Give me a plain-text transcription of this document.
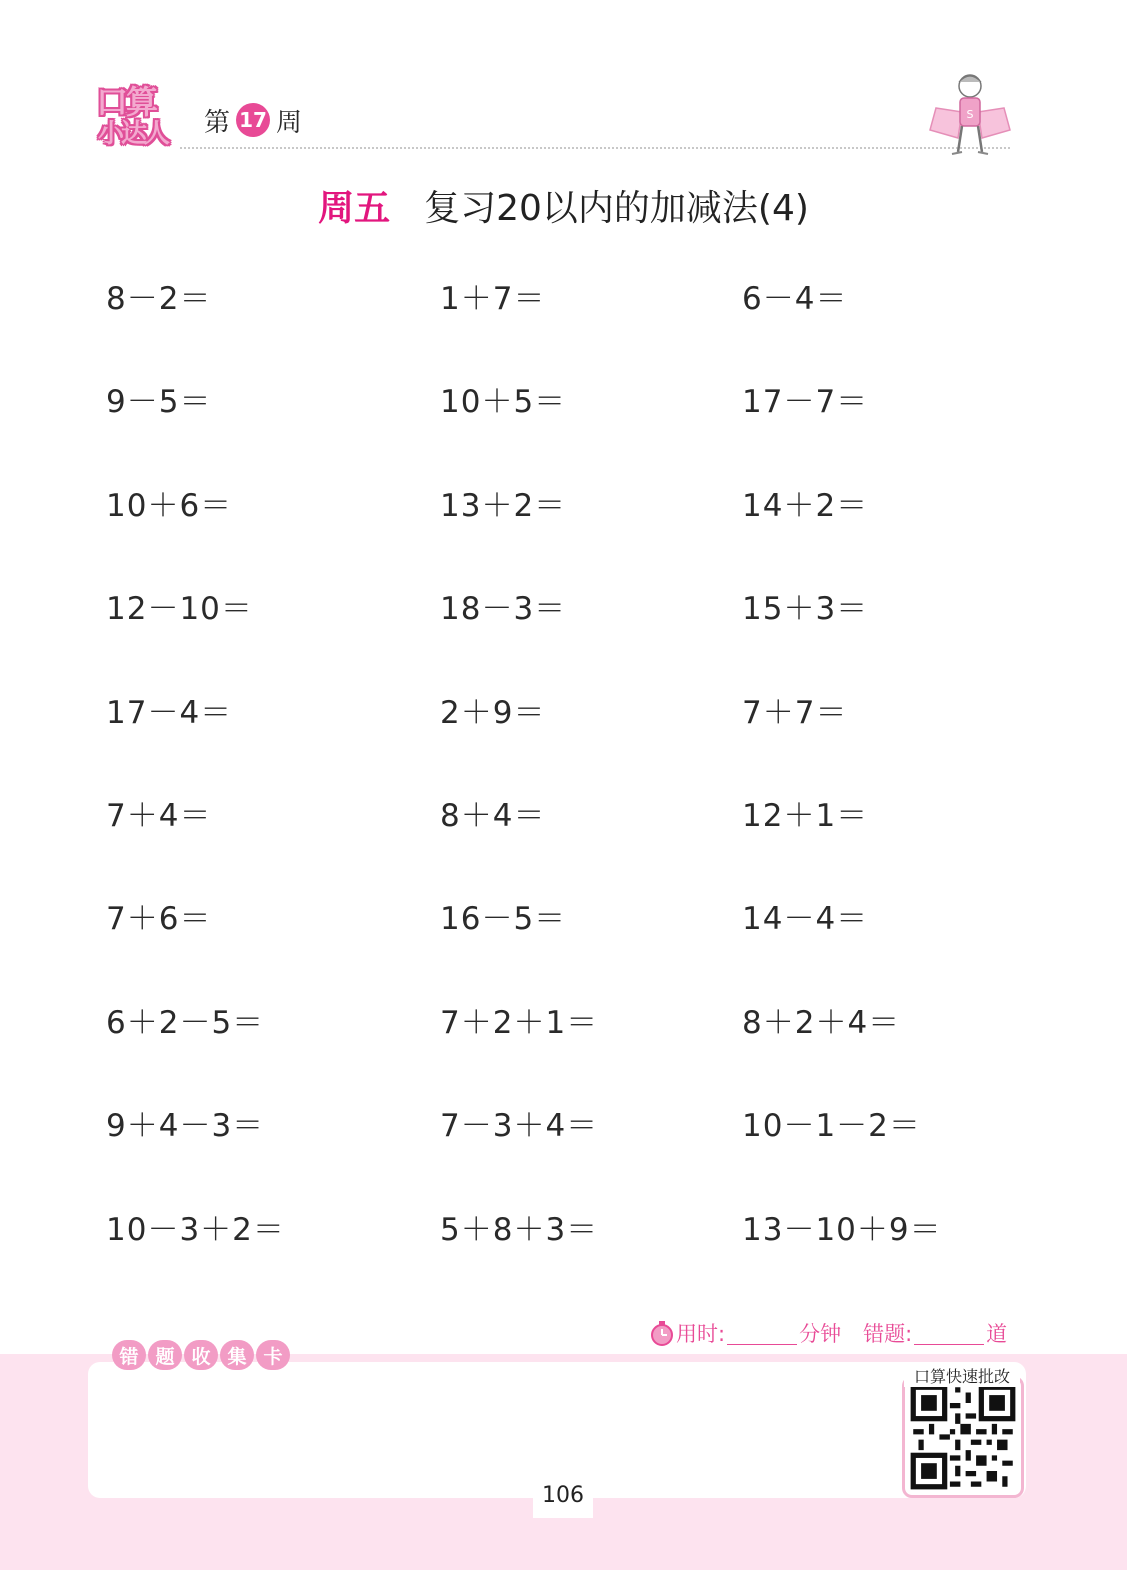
口算
小达人 第 17 周	S
周五 复习20以内的加减法(4)
8－2＝	1＋7＝	6－4＝
9－5＝	10＋5＝	17－7＝
10＋6＝	13＋2＝	14＋2＝
12－10＝	18－3＝	15＋3＝
17－4＝	2＋9＝	7＋7＝
7＋4＝	8＋4＝	12＋1＝
7＋6＝	16－5＝	14－4＝
6＋2－5＝	7＋2＋1＝	8＋2＋4＝
9＋4－3＝	7－3＋4＝	10－1－2＝
10－3＋2＝	5＋8＋3＝	13－10＋9＝
用时:	分钟 错题:	道
错 题 收 集 卡
口算快速批改
106
